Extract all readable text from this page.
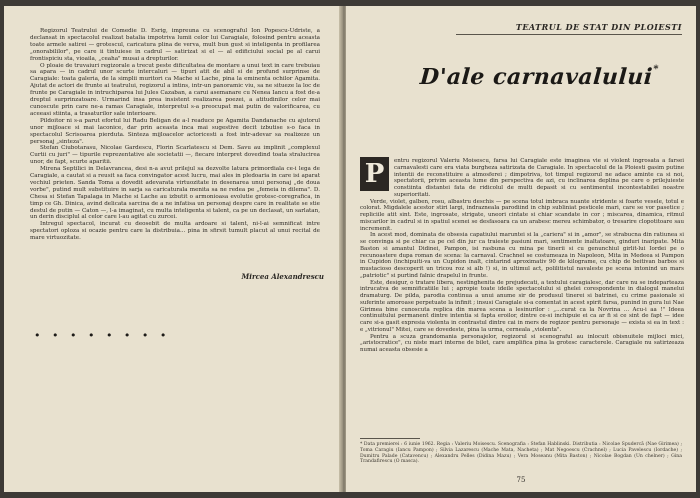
Regizorul Teatrului de Comedie D. Esrig, impreuna cu scenograful Ion Popescu-Udriste, a declansat in spectacolul realizat batalia impotriva lumii celor lui Caragiale, folosind pentru aceasta toate armele satirei — grotescul, caricatura plina de verva, mult bun gust si inteligenta in profilarea „onorabililor", pe care ii tintuiese in cadrul — satirizat si el — al edificiului social pe al carui frontispiciu sta, vioaila, „ceaha" musai a drepturilor.

O ploaie de truvaiuri regizorale a trecut peste dificultatea de montare a unui text in care trebuiau sa apara — in cadrul unor scurte intercaluri — tipuri atit de abil si de profund surprinse de Caragiale: toata galeria, de la simplii muritori ca Mache si Lache, pina la eminenta ochilor Agamita. Ajutat de actori de frunte ai teatrului, regizorul a intins, intr-un panoramic viu, sa ne situeze la loc de frunte pe Caragiale in intruchiparea lui Jules Cazaban, a carui asemanare cu Nenea Iancu a fost de-a dreptul surprinzatoare. Urmarind insa prea insistent realizarea poezei, a atitudinilor celor mai cunoscute prin care ne-a ramas Caragiale, interpretul s-a preocupat mai putin de valorificarea, cu aceeasi stiinta, a trasaturilor sale interioare.

Pildoitor ni s-a parut efortul lui Radu Beligan de a-l readuce pe Agamita Dandanache cu ajutorul unor mijloace si mai laconice, dar prin aceasta inca mai sugestive decit izbutise s-o faca in spectacolul Scrisoarea pierduta. Sinteza mijloacelor actoricesti a fost intr-adevar sa realizeze un personaj „sinteza".

Stefan Ciubotarasu, Nicolae Gardescu, Florin Scarlatescu si Dem. Savu au implinit „complexul Curtii cu juri" — tipurile reprezentative ale societatii —, fiecare interpret dovedind toata stralucirea unor, de fapt, scurte aparitii.

Mirena Septilici in Delavrancea, desi n-a avut prilejul sa dezvolte latura primordiala ce-i lega de Caragiale, a cautat si a reusit sa faca convingator acest lucru, mai ales in pledoaria in care isi aparat vechiul prieten. Sanda Toma a dovedit adevarata virtuozitate in desenarea unui personaj „de doua vorbe", putind mult substituire in sarja sa caricaturala menita sa ne redea pe „femeia in dilema". D. Chesa si Stefan Tapalaga in Mache si Lache au izbutit o armonioasa evolutie grotesc-coregrafica, in timp ce Gh. Dinica, avind delicata sarcina de a ne infatisa un personaj despre care in realitate se stie destul de putin — Caton —, l-a imaginat, cu multa inteligenta si talent, ca pe un declasat, un sarlatan, un derin disciplul al celor care l-au agitat cu zurcei.

Intregul spectacol, incurat cu deosebit de multa ardoare si talent, ni-l-ai semnificat intre spectatori oploza si ocazie pentru care la distribuia... pina in sfirsit tumult placut al unui recital de mare virtuozitate.

Mircea Alexandrescu
• • • • • • • •
TEATRUL DE STAT DIN PLOIESTI
D'ale carnavalului*

entru regizorul Valeriu Moisescu, farsa lui Caragiale este imaginea vie si violent ingrosata a farsei carnavalesti care era viata burgheza satirizata de Caragiale. In spectacolul de la Ploiesti gasim putine intentii de reconstituire a atmosferei ; dimpotriva, tot timpul regizorul ne adace aminte ca si noi, spectatorii, privim aceasta lume din perspectiva de azi, cu inclinarea deplina pe care o prilejuieste constiinta distantei fata de ridicolul de multi depasit si cu sentimentul incontestabilei noastre superioritati.

Verde, violet, galben, rosu, albastru deschis — pe scena totul imbraca nuante stridente si foarte vesele, totul e colorat. Migdalele acestor stiri largi, indrazneala parodiind in chip subliniat pesticele mari, care se vor pasetice ; repliciile atit sint. Este, ingrosate, strigate, uneori cintate si chiar scandate in cor ; miscarea, dinamica, ritmul miscarilor in cadrul si in spatiul scenei se desfasoara ca un arabesc mereu schimbator, o tresarire clopotitoare sau incremenit.

In acest mod, dominata de obsesia capatiului maruntei si la „cariera" si in „amor", se strabucna din ratiunea si se convinga si pe chiar ca pe cel din jur ca traieste pasiuni mari, sentimente inaltatoare, ginduri inaripate. Mita Baston si amantul Didinei, Pampon, isi rasbuna cu mina pe tinerii si cu genunchiul girlit-lui Iordei pe o recunoastere dupa roman de scena: la carnaval. Crachnel se costumeaza in Napoleon, Mita in Medeea si Pampon in Cupidon (inchipuiti-va un Cupidon inalt, cintarind aproximativ 90 de kilograme, cu chip de beitivan barbos si mustacioso descoperit un tricou roz si alb !) si, in ultimul act, polilitistul navaleste pe scena intonind un mars „patriotic" si purtind falnic drapelul in frunte.

Este, desigur, o tratare libera, nestinghenita de prejudecati, a textului caragialesc, dar care nu se indeparteaza intrucatva de semnificatiile lui ; apropie toate ideile spectacolului si ghelei corespondente in dialogul manelui dramaturg. De pilda, parodia continua a unui anume sir de produsul tinerei si batrinei, cu crime pasionale si suferinte amoroase perpetuate la infinit ; insusi Caragiale si-a comentat in acest spirit farsa, punind in gura lui Nae Girimea bine cunoscuta replica din marea scena a lesinurilor : „...curat ca la Novrina ... Acu-i aa !" Ideea continuitului permanent dintre intentia si fapta eroilor, dintre ce-si inchipuie ei ca ar fi si ce sint de fapt — idee care si-a gasit expresia violenta in contrastul dintre cai in mers de regizor pentru personaje — exista si ea in text : e „vitrionul" Mitei, care se dovedeste, pina la urma, cerneala „violenta".

Pentru a scuza grandomania personajelor, regizorul si scenograful au inlocuit obisnuitele mijloci mici, „aristocratice", cu niste mari interne de bilet, care amplifica pina la grotesc caracterele. Caragiale nu satirizeaza numai aceasta obsesie a

P
* Data premierei : 6 iunie 1962. Regia : Valeriu Moisescu. Scenografia : Stefan Hablinski. Distributia : Nicolae Spudercă (Nae Girimea) ; Toma Caragiu (Iancu Pampon) ; Silvia Lazarescu (Mache Mata, Nacheta) ; Mat Negoescu (Crachnel) ; Lucia Pavelescu (Iordache) ; Dumitru Palade (Catavencu) ; Alexandru Pelles (Didina Mazu) ; Vera Moseanu (Mita Baston) ; Nicolae Bogdan (Un chelner) ; Gina Trandafirescu (O masca).
75
